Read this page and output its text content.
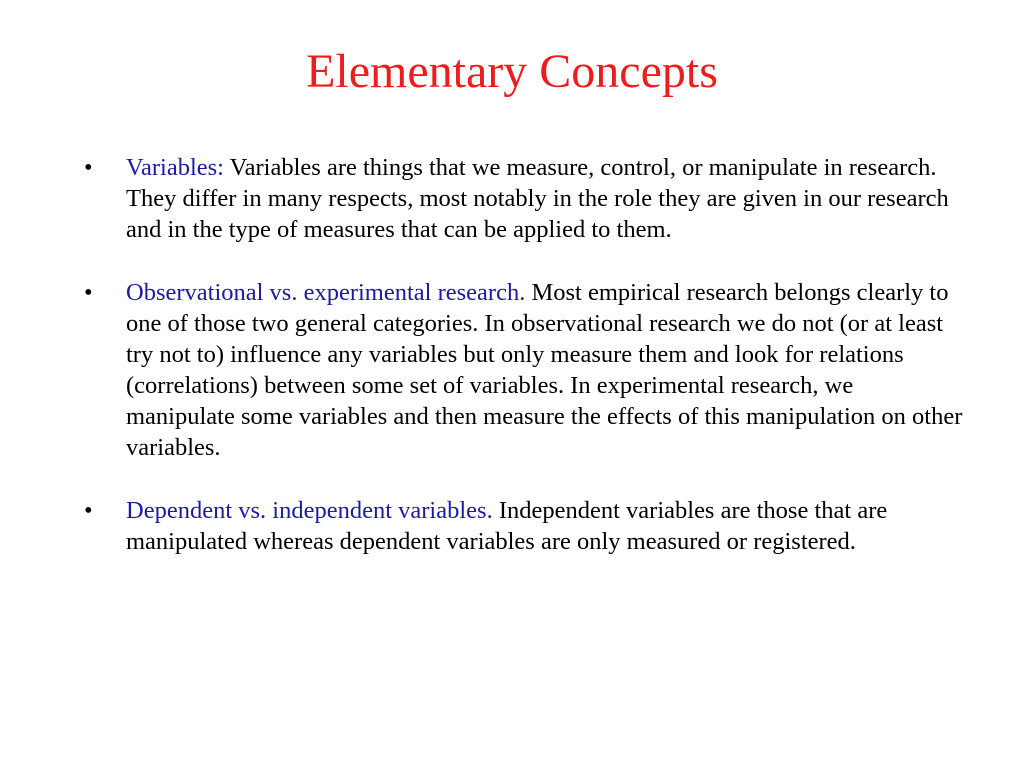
Elementary Concepts
•	Variables: Variables are things that we measure, control, or manipulate in research. They differ in many respects, most notably in the role they are given in our research and in the type of measures that can be applied to them.
•	Observational vs. experimental research. Most empirical research belongs clearly to one of those two general categories. In observational research we do not (or at least try not to) influence any variables but only measure them and look for relations (correlations) between some set of variables. In experimental research, we manipulate some variables and then measure the effects of this manipulation on other variables.
•	Dependent vs. independent variables. Independent variables are those that are manipulated whereas dependent variables are only measured or registered.
